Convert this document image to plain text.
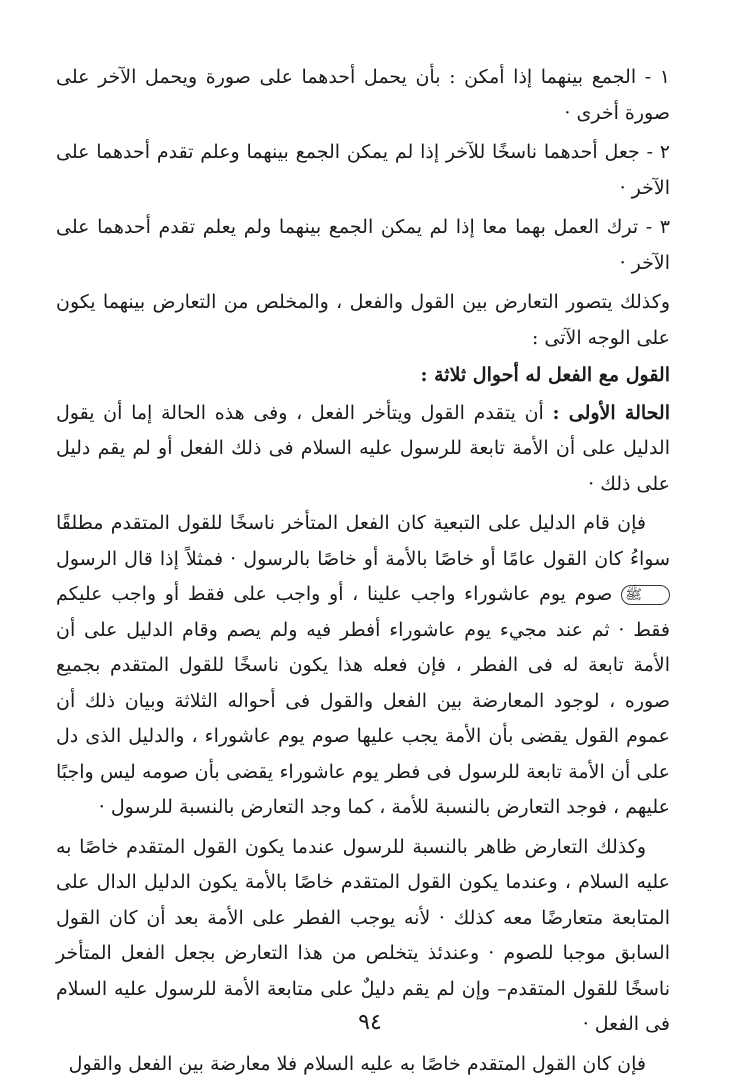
١ - الجمع بينهما إذا أمكن : بأن يحمل أحدهما على صورة ويحمل الآخر على صورة أخرى ·

٢ - جعل أحدهما ناسخًا للآخر إذا لم يمكن الجمع بينهما وعلم تقدم أحدهما على الآخر ·

٣ - ترك العمل بهما معا إذا لم يمكن الجمع بينهما ولم يعلم تقدم أحدهما على الآخر ·

وكذلك يتصور التعارض بين القول والفعل ، والمخلص من التعارض بينهما يكون على الوجه الآتى :

القول مع الفعل له أحوال ثلاثة :

الحالة الأولى : أن يتقدم القول ويتأخر الفعل ، وفى هذه الحالة إما أن يقول الدليل على أن الأمة تابعة للرسول عليه السلام فى ذلك الفعل أو لم يقم دليل على ذلك ·

فإن قام الدليل على التبعية كان الفعل المتأخر ناسخًا للقول المتقدم مطلقًا سواءُ كان القول عامًا أو خاصًا بالأمة أو خاصًا بالرسول · فمثلاً إذا قال الرسول ﷺ صوم يوم عاشوراء واجب علينا ، أو واجب على فقط أو واجب عليكم فقط · ثم عند مجيء يوم عاشوراء أفطر فيه ولم يصم وقام الدليل على أن الأمة تابعة له فى الفطر ، فإن فعله هذا يكون ناسخًا للقول المتقدم بجميع صوره ، لوجود المعارضة بين الفعل والقول فى أحواله الثلاثة وبيان ذلك أن عموم القول يقضى بأن الأمة يجب عليها صوم يوم عاشوراء ، والدليل الذى دل على أن الأمة تابعة للرسول فى فطر يوم عاشوراء يقضى بأن صومه ليس واجبًا عليهم ، فوجد التعارض بالنسبة للأمة ، كما وجد التعارض بالنسبة للرسول ·

وكذلك التعارض ظاهر بالنسبة للرسول عندما يكون القول المتقدم خاصًا به عليه السلام ، وعندما يكون القول المتقدم خاصًا بالأمة يكون الدليل الدال على المتابعة متعارضًا معه كذلك · لأنه يوجب الفطر على الأمة بعد أن كان القول السابق موجبا للصوم · وعندئذ يتخلص من هذا التعارض بجعل الفعل المتأخر ناسخًا للقول المتقدم– وإن لم يقم دليلٌ على متابعة الأمة للرسول عليه السلام فى الفعل ·

فإن كان القول المتقدم خاصًا به عليه السلام فلا معارضة بين الفعل والقول

٩٤
